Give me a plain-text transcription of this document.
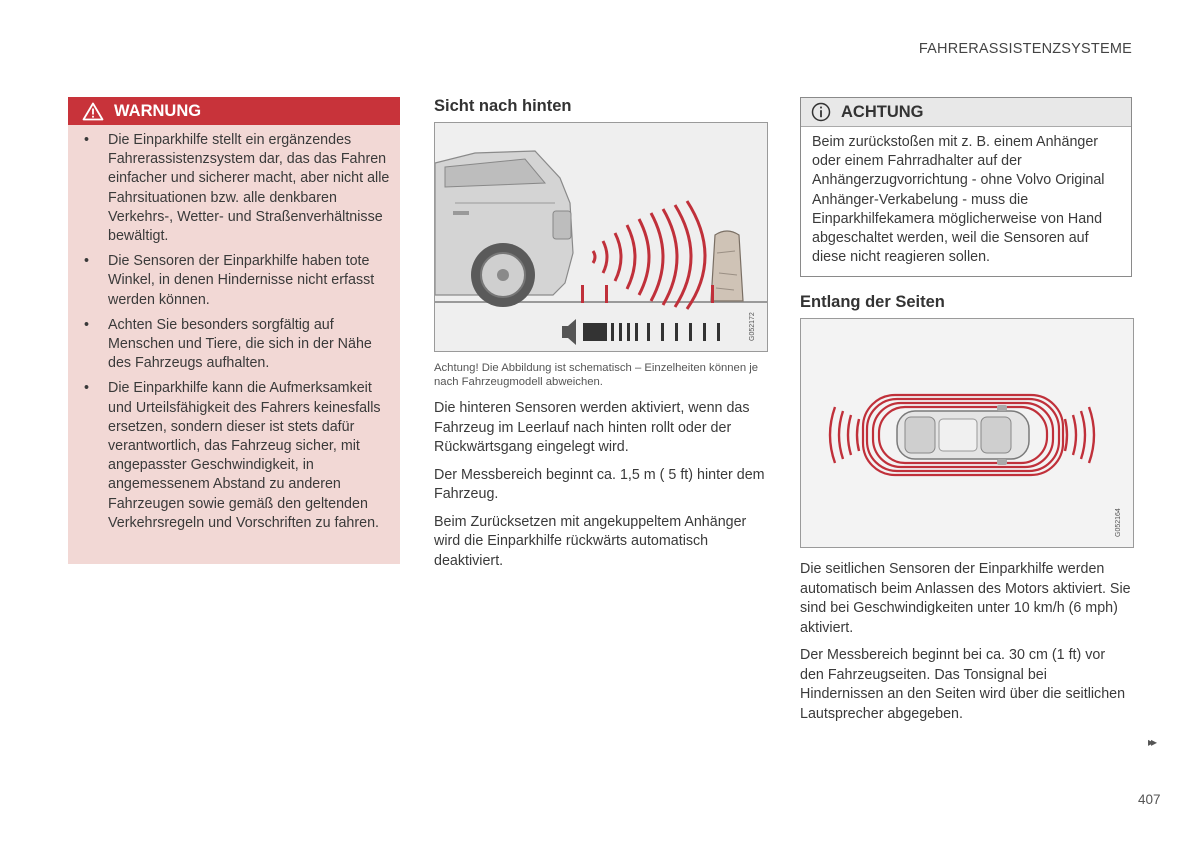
FAHRERASSISTENZSYSTEME
WARNUNG
• Die Einparkhilfe stellt ein ergänzendes Fahrerassistenzsystem dar, das das Fahren einfacher und sicherer macht, aber nicht alle Fahrsituationen bzw. alle denkbaren Verkehrs-, Wetter- und Straßenverhältnisse bewältigt.
• Die Sensoren der Einparkhilfe haben tote Winkel, in denen Hindernisse nicht erfasst werden können.
• Achten Sie besonders sorgfältig auf Menschen und Tiere, die sich in der Nähe des Fahrzeugs aufhalten.
• Die Einparkhilfe kann die Aufmerksamkeit und Urteilsfähigkeit des Fahrers keinesfalls ersetzen, sondern dieser ist stets dafür verantwortlich, das Fahrzeug sicher, mit angepasster Geschwindigkeit, in angemessenem Abstand zu anderen Fahrzeugen sowie gemäß den geltenden Verkehrsregeln und Vorschriften zu fahren.
Sicht nach hinten
G052172
Achtung! Die Abbildung ist schematisch – Einzelheiten können je nach Fahrzeugmodell abweichen.

Die hinteren Sensoren werden aktiviert, wenn das Fahrzeug im Leerlauf nach hinten rollt oder der Rückwärtsgang eingelegt wird.

Der Messbereich beginnt ca. 1,5 m ( 5 ft) hinter dem Fahrzeug.

Beim Zurücksetzen mit angekuppeltem Anhänger wird die Einparkhilfe rückwärts automatisch deaktiviert.

ACHTUNG
Beim zurückstoßen mit z. B. einem Anhänger oder einem Fahrradhalter auf der Anhängerzugvorrichtung - ohne Volvo Original Anhänger-Verkabelung - muss die Einparkhilfekamera möglicherweise von Hand abgeschaltet werden, weil die Sensoren auf diese nicht reagieren sollen.
Entlang der Seiten
G052164

Die seitlichen Sensoren der Einparkhilfe werden automatisch beim Anlassen des Motors aktiviert. Sie sind bei Geschwindigkeiten unter 10 km/h (6 mph) aktiviert.

Der Messbereich beginnt bei ca. 30 cm (1 ft) vor den Fahrzeugseiten. Das Tonsignal bei Hindernissen an den Seiten wird über die seitlichen Lautsprecher abgegeben.

▸▸
407
